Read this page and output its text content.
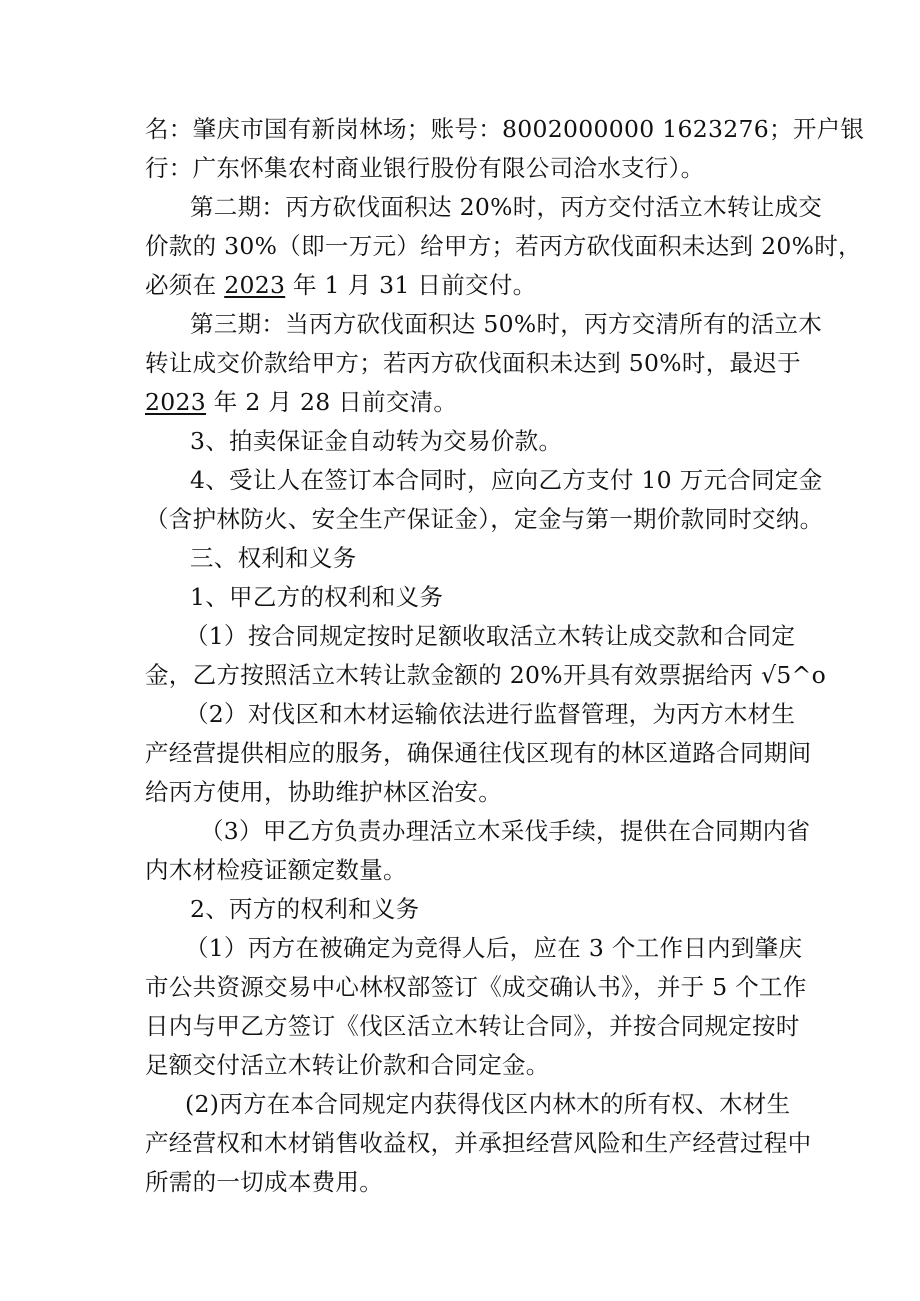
名：肇庆市国有新岗林场；账号：8002000000 1623276；开户银
行：广东怀集农村商业银行股份有限公司洽水支行）。
第二期：丙方砍伐面积达 20%时，丙方交付活立木转让成交
价款的 30%（即一万元）给甲方；若丙方砍伐面积未达到 20%时，
必须在 2023 年 1 月 31 日前交付。
第三期：当丙方砍伐面积达 50%时，丙方交清所有的活立木
转让成交价款给甲方；若丙方砍伐面积未达到 50%时，最迟于
2023 年 2 月 28 日前交清。
3、拍卖保证金自动转为交易价款。
4、受让人在签订本合同时，应向乙方支付 10 万元合同定金
（含护林防火、安全生产保证金），定金与第一期价款同时交纳。
三、权利和义务
1、甲乙方的权利和义务
（1）按合同规定按时足额收取活立木转让成交款和合同定
金，乙方按照活立木转让款金额的 20%开具有效票据给丙 √5^o
（2）对伐区和木材运输依法进行监督管理，为丙方木材生
产经营提供相应的服务，确保通往伐区现有的林区道路合同期间
给丙方使用，协助维护林区治安。
（3）甲乙方负责办理活立木采伐手续，提供在合同期内省
内木材检疫证额定数量。
2、丙方的权利和义务
（1）丙方在被确定为竞得人后，应在 3 个工作日内到肇庆
市公共资源交易中心林权部签订《成交确认书》，并于 5 个工作
日内与甲乙方签订《伐区活立木转让合同》，并按合同规定按时
足额交付活立木转让价款和合同定金。
(2)丙方在本合同规定内获得伐区内林木的所有权、木材生
产经营权和木材销售收益权，并承担经营风险和生产经营过程中
所需的一切成本费用。
